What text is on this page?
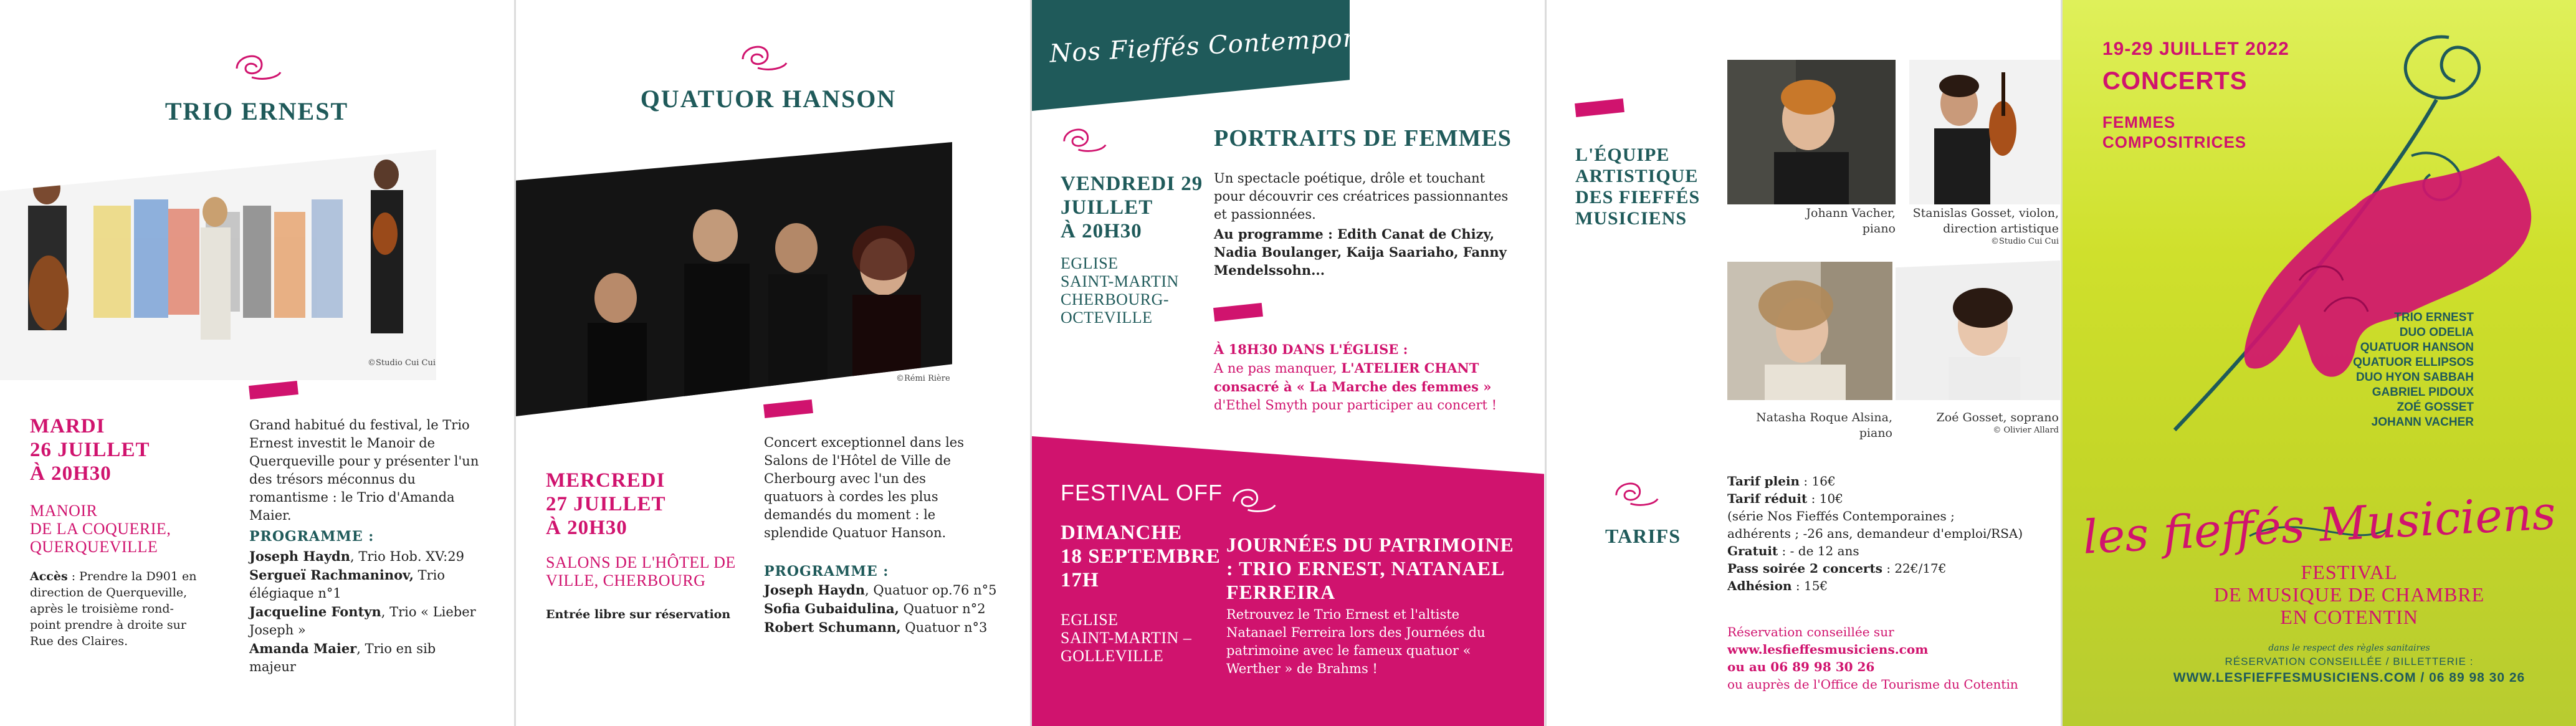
TRIO ERNEST
©Studio Cui Cui
MARDI
26 JUILLET
À 20H30
MANOIR
DE LA COQUERIE,
QUERQUEVILLE
Accès : Prendre la D901 en direction de Querqueville, après le troisième rond-point prendre à droite sur Rue des Claires.
Grand habitué du festival, le Trio Ernest investit le Manoir de Querqueville pour y présenter l'un des trésors méconnus du romantisme : le Trio d'Amanda Maier.
PROGRAMME :
Joseph Haydn, Trio Hob. XV:29
Sergueï Rachmaninov, Trio élégiaque n°1
Jacqueline Fontyn, Trio « Lieber Joseph »
Amanda Maier, Trio en sib majeur
QUATUOR HANSON
©Rémi Rière
MERCREDI
27 JUILLET
À 20H30
SALONS DE L'HÔTEL DE
VILLE, CHERBOURG
Entrée libre sur réservation
Concert exceptionnel dans les Salons de l'Hôtel de Ville de Cherbourg avec l'un des quatuors à cordes les plus demandés du moment : le splendide Quatuor Hanson.
PROGRAMME :
Joseph Haydn, Quatuor op.76 n°5
Sofia Gubaidulina, Quatuor n°2
Robert Schumann, Quatuor n°3
Nos Fieffés Contemporaines
VENDREDI 29
JUILLET
À 20H30
EGLISE
SAINT-MARTIN
CHERBOURG-
OCTEVILLE
PORTRAITS DE FEMMES
Un spectacle poétique, drôle et touchant pour découvrir ces créatrices passionnantes et passionnées.
Au programme : Edith Canat de Chizy, Nadia Boulanger, Kaija Saariaho, Fanny Mendelssohn...
À 18H30 DANS L'ÉGLISE :
A ne pas manquer, L'ATELIER CHANT consacré à « La Marche des femmes » d'Ethel Smyth pour participer au concert !
FESTIVAL OFF
DIMANCHE
18 SEPTEMBRE
17H
EGLISE
SAINT-MARTIN –
GOLLEVILLE
JOURNÉES DU PATRIMOINE : TRIO ERNEST, NATANAEL FERREIRA
Retrouvez le Trio Ernest et l'altiste Natanael Ferreira lors des Journées du patrimoine avec le fameux quatuor « Werther » de Brahms !
L'ÉQUIPE
ARTISTIQUE
DES FIEFFÉS
MUSICIENS	Johann Vacher,
piano
Stanislas Gosset, violon,
direction artistique
©Studio Cui Cui
Natasha Roque Alsina,
piano
Zoé Gosset, soprano
© Olivier Allard
TARIFS
Tarif plein : 16€
Tarif réduit : 10€
(série Nos Fieffés Contemporaines ;
adhérents ; -26 ans, demandeur d'emploi/RSA)
Gratuit : - de 12 ans
Pass soirée 2 concerts : 22€/17€
Adhésion : 15€
Réservation conseillée sur
www.lesfieffesmusiciens.com
ou au 06 89 98 30 26
ou auprès de l'Office de Tourisme du Cotentin
19-29 JUILLET 2022
CONCERTS
FEMMES
COMPOSITRICES
TRIO ERNEST
DUO ODELIA
QUATUOR HANSON
QUATUOR ELLIPSOS
DUO HYON SABBAH
GABRIEL PIDOUX
ZOÉ GOSSET
JOHANN VACHER
les fieffés Musiciens
FESTIVAL
DE MUSIQUE DE CHAMBRE
EN COTENTIN
dans le respect des règles sanitaires
RÉSERVATION CONSEILLÉE / BILLETTERIE :
WWW.LESFIEFFESMUSICIENS.COM / 06 89 98 30 26
